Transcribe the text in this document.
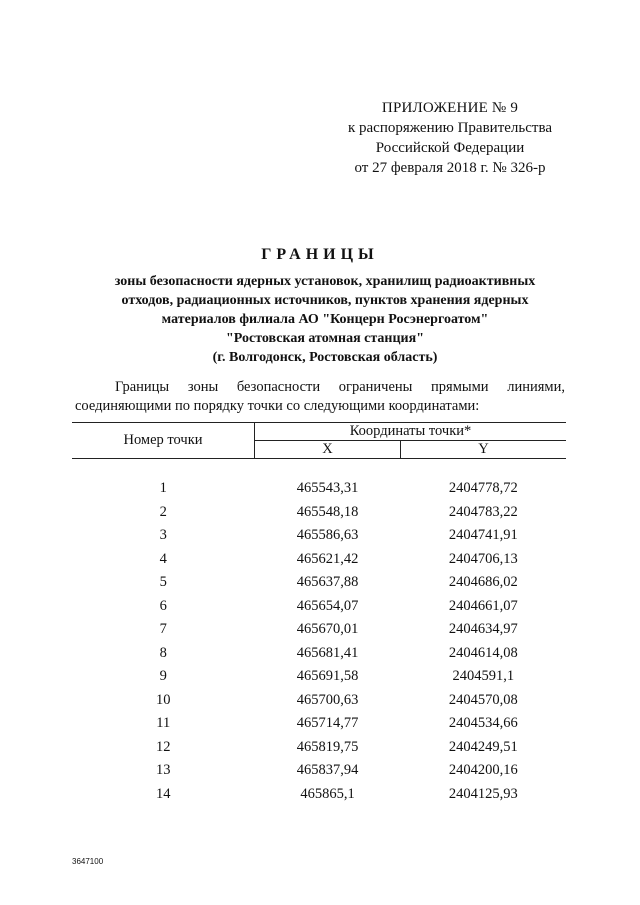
ПРИЛОЖЕНИЕ № 9
к распоряжению Правительства
Российской Федерации
от 27 февраля 2018 г. № 326-р
ГРАНИЦЫ
зоны безопасности ядерных установок, хранилищ радиоактивных
отходов, радиационных источников, пунктов хранения ядерных
материалов филиала АО "Концерн Росэнергоатом"
"Ростовская атомная станция"
(г. Волгодонск, Ростовская область)
Границы зоны безопасности ограничены прямыми линиями,
соединяющими по порядку точки со следующими координатами:
Номер точки	Координаты точки*	
	X	Y
1	465543,31	2404778,72
2	465548,18	2404783,22
3	465586,63	2404741,91
4	465621,42	2404706,13
5	465637,88	2404686,02
6	465654,07	2404661,07
7	465670,01	2404634,97
8	465681,41	2404614,08
9	465691,58	2404591,1
10	465700,63	2404570,08
11	465714,77	2404534,66
12	465819,75	2404249,51
13	465837,94	2404200,16
14	465865,1	2404125,93
3647100
